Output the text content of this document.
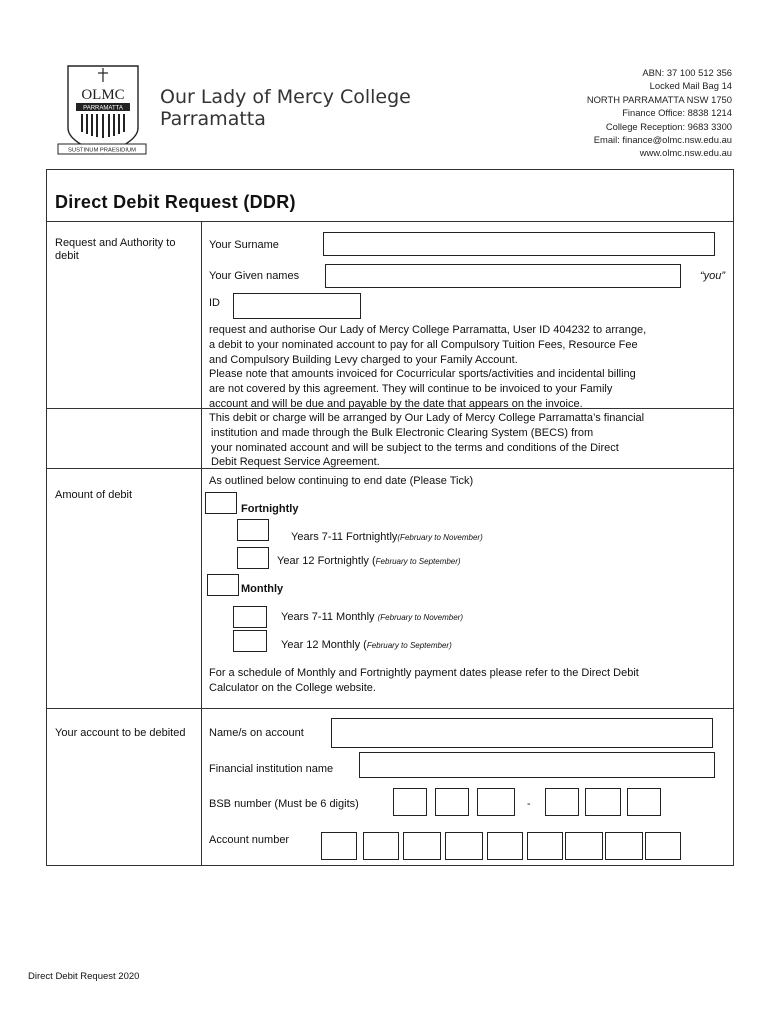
OLMC
PARRAMATTA
SUSTINUM PRAESIDIUM
Our Lady of Mercy College
Parramatta
ABN: 37 100 512 356
Locked Mail Bag 14
NORTH PARRAMATTA NSW 1750
Finance Office: 8838 1214
College Reception: 9683 3300
Email: finance@olmc.nsw.edu.au
www.olmc.nsw.edu.au
Direct Debit Request (DDR)
Request and Authority to debit
Your Surname
Your Given names	“you”
ID
request and authorise Our Lady of Mercy College Parramatta, User ID 404232 to arrange,
a debit to your nominated account to pay for all Compulsory Tuition Fees, Resource Fee
and Compulsory Building Levy charged to your Family Account.
Please note that amounts invoiced for Cocurricular sports/activities and incidental billing
are not covered by this agreement. They will continue to be invoiced to your Family
account and will be due and payable by the date that appears on the invoice.
This debit or charge will be arranged by Our Lady of Mercy College Parramatta’s financial
institution and made through the Bulk Electronic Clearing System (BECS) from
your nominated account and will be subject to the terms and conditions of the Direct
Debit Request Service Agreement.
Amount of debit
As outlined below continuing to end date (Please Tick)
Fortnightly
Years 7-11 Fortnightly(February to November)
Year 12 Fortnightly (February to September)
Monthly
Years 7-11 Monthly (February to November)
Year 12 Monthly (February to September)
For a schedule of Monthly and Fortnightly payment dates please refer to the Direct Debit
Calculator on the College website.
Your account to be debited Name/s on account
Financial institution name
BSB number (Must be 6 digits)	-
Account number
Direct Debit Request 2020
